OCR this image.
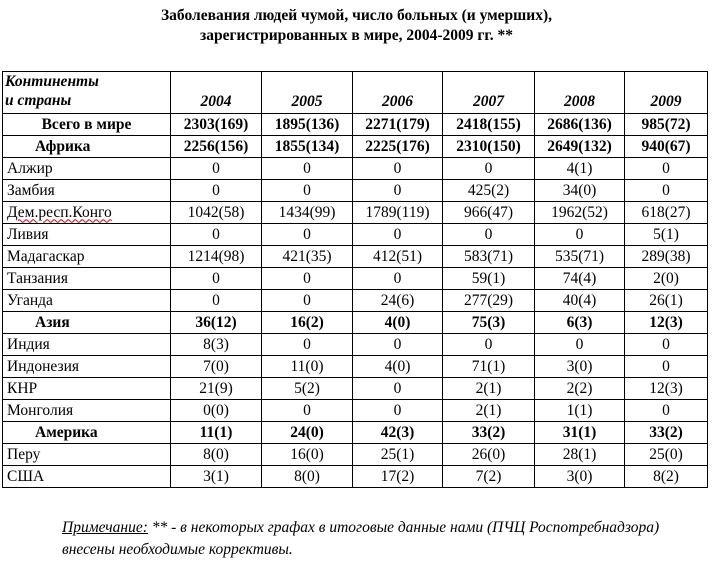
Заболевания людей чумой, число больных (и умерших),
зарегистрированных в мире, 2004-2009 гг. **
Континенты
и страны	2004	2005	2006	2007	2008	2009
Всего в мире	2303(169)	1895(136)	2271(179)	2418(155)	2686(136)	985(72)
Африка	2256(156)	1855(134)	2225(176)	2310(150)	2649(132)	940(67)
Алжир	0	0	0	0	4(1)	0
Замбия	0	0	0	425(2)	34(0)	0
Дем.респ.Конго	1042(58)	1434(99)	1789(119)	966(47)	1962(52)	618(27)
Ливия	0	0	0	0	0	5(1)
Мадагаскар	1214(98)	421(35)	412(51)	583(71)	535(71)	289(38)
Танзания	0	0	0	59(1)	74(4)	2(0)
Уганда	0	0	24(6)	277(29)	40(4)	26(1)
Азия	36(12)	16(2)	4(0)	75(3)	6(3)	12(3)
Индия	8(3)	0	0	0	0	0
Индонезия	7(0)	11(0)	4(0)	71(1)	3(0)	0
КНР	21(9)	5(2)	0	2(1)	2(2)	12(3)
Монголия	0(0)	0	0	2(1)	1(1)	0
Америка	11(1)	24(0)	42(3)	33(2)	31(1)	33(2)
Перу	8(0)	16(0)	25(1)	26(0)	28(1)	25(0)
США	3(1)	8(0)	17(2)	7(2)	3(0)	8(2)
Примечание: ** - в некоторых графах в итоговые данные нами (ПЧЦ Роспотребнадзора) внесены необходимые коррективы.
